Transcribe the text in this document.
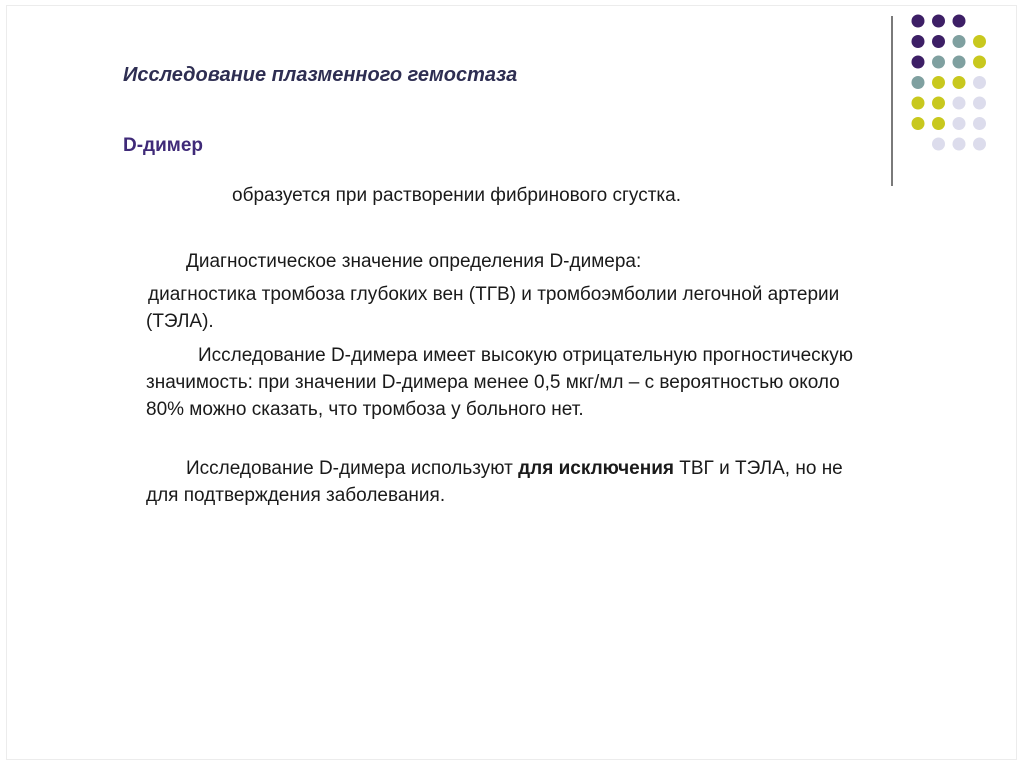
Исследование плазменного гемостаза
D-димер

образуется при растворении фибринового сгустка.

Диагностическое значение определения D-димера:

диагностика тромбоза глубоких вен (ТГВ) и тромбоэмболии легочной артерии (ТЭЛА).

Исследование D-димера имеет высокую отрицательную прогностическую значимость: при значении D-димера менее 0,5 мкг/мл – с вероятностью около 80% можно сказать, что тромбоза у больного нет.

Исследование D-димера используют для исключения ТВГ и ТЭЛА, но не для подтверждения заболевания.
